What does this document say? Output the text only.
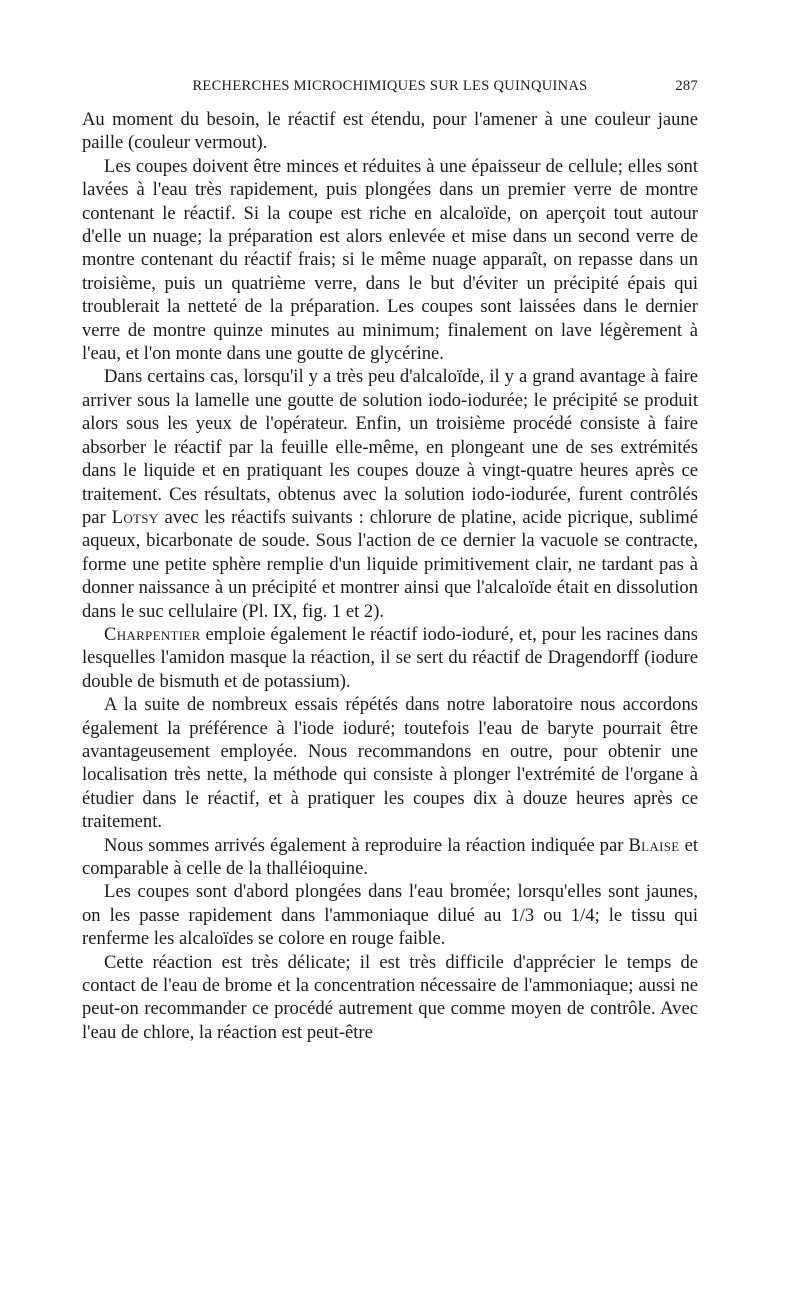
RECHERCHES MICROCHIMIQUES SUR LES QUINQUINAS	287

Au moment du besoin, le réactif est étendu, pour l'amener à une couleur jaune paille (couleur vermout).

Les coupes doivent être minces et réduites à une épaisseur de cellule; elles sont lavées à l'eau très rapidement, puis plongées dans un premier verre de montre contenant le réactif. Si la coupe est riche en alcaloïde, on aperçoit tout autour d'elle un nuage; la préparation est alors enlevée et mise dans un second verre de montre contenant du réactif frais; si le même nuage apparaît, on repasse dans un troisième, puis un quatrième verre, dans le but d'éviter un précipité épais qui troublerait la netteté de la préparation. Les coupes sont laissées dans le dernier verre de montre quinze minutes au minimum; finalement on lave légèrement à l'eau, et l'on monte dans une goutte de glycérine.

Dans certains cas, lorsqu'il y a très peu d'alcaloïde, il y a grand avantage à faire arriver sous la lamelle une goutte de solution iodo-iodurée; le précipité se produit alors sous les yeux de l'opérateur. Enfin, un troisième procédé consiste à faire absorber le réactif par la feuille elle-même, en plongeant une de ses extrémités dans le liquide et en pratiquant les coupes douze à vingt-quatre heures après ce traitement. Ces résultats, obtenus avec la solution iodo-iodurée, furent contrôlés par Lotsy avec les réactifs suivants : chlorure de platine, acide picrique, sublimé aqueux, bicarbonate de soude. Sous l'action de ce dernier la vacuole se contracte, forme une petite sphère remplie d'un liquide primitivement clair, ne tardant pas à donner naissance à un précipité et montrer ainsi que l'alcaloïde était en dissolution dans le suc cellulaire (Pl. IX, fig. 1 et 2).

Charpentier emploie également le réactif iodo-ioduré, et, pour les racines dans lesquelles l'amidon masque la réaction, il se sert du réactif de Dragendorff (iodure double de bismuth et de potassium).

A la suite de nombreux essais répétés dans notre laboratoire nous accordons également la préférence à l'iode ioduré; toutefois l'eau de baryte pourrait être avantageusement employée. Nous recommandons en outre, pour obtenir une localisation très nette, la méthode qui consiste à plonger l'extrémité de l'organe à étudier dans le réactif, et à pratiquer les coupes dix à douze heures après ce traitement.

Nous sommes arrivés également à reproduire la réaction indiquée par Blaise et comparable à celle de la thalléioquine.

Les coupes sont d'abord plongées dans l'eau bromée; lorsqu'elles sont jaunes, on les passe rapidement dans l'ammoniaque dilué au 1/3 ou 1/4; le tissu qui renferme les alcaloïdes se colore en rouge faible.

Cette réaction est très délicate; il est très difficile d'apprécier le temps de contact de l'eau de brome et la concentration nécessaire de l'ammoniaque; aussi ne peut-on recommander ce procédé autrement que comme moyen de contrôle. Avec l'eau de chlore, la réaction est peut-être
